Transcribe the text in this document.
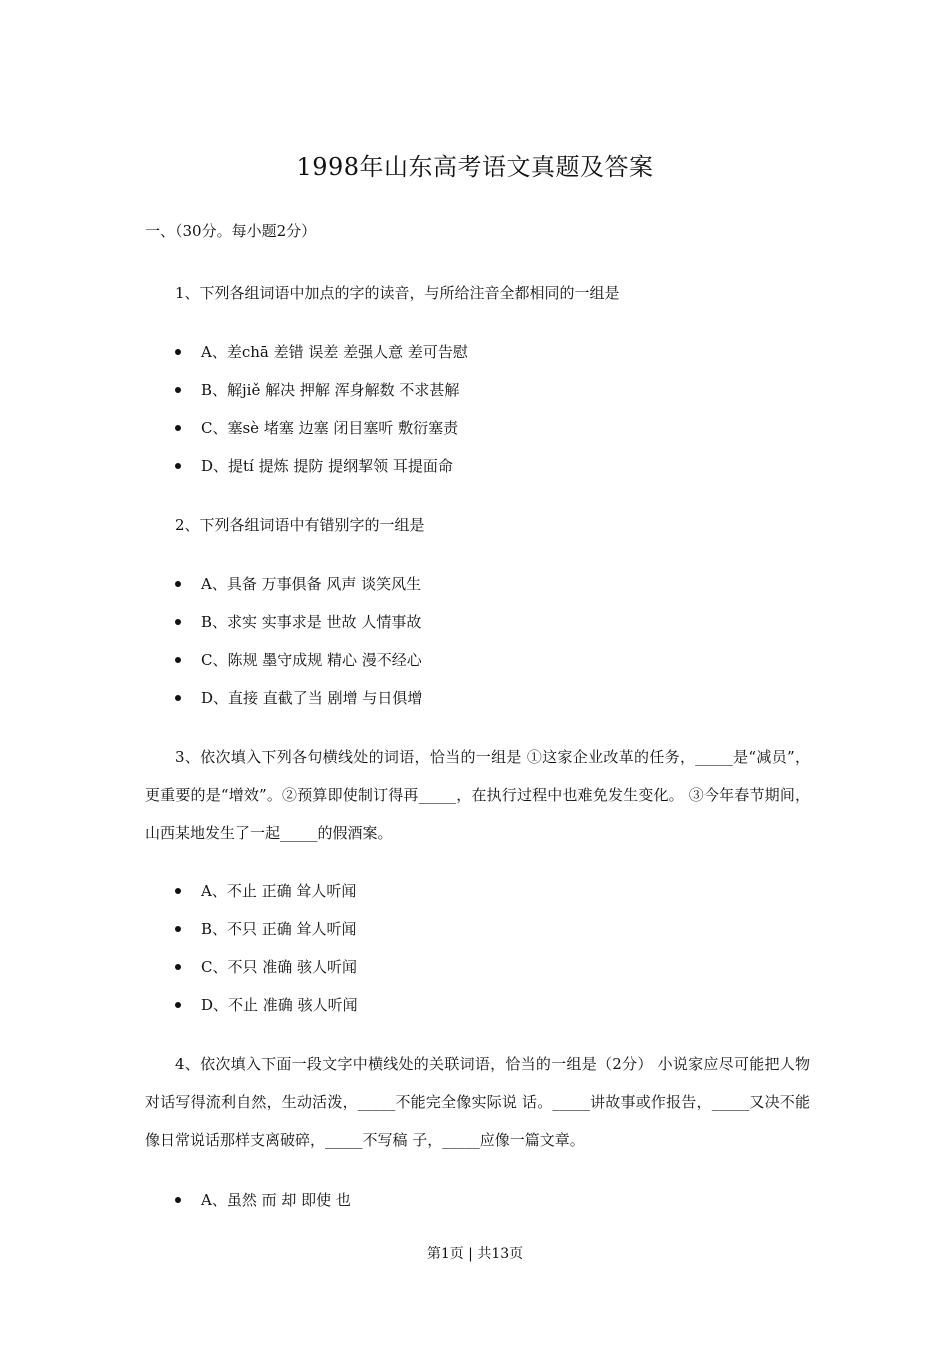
1998年山东高考语文真题及答案
一、（30分。每小题2分）
1、下列各组词语中加点的字的读音，与所给注音全都相同的一组是
A、差chā 差错 误差 差强人意 差可告慰
B、解jiě 解决 押解 浑身解数 不求甚解
C、塞sè 堵塞 边塞 闭目塞听 敷衍塞责
D、提tí 提炼 提防 提纲挈领 耳提面命
2、下列各组词语中有错别字的一组是
A、具备 万事俱备 风声 谈笑风生
B、求实 实事求是 世故 人情事故
C、陈规 墨守成规 精心 漫不经心
D、直接 直截了当 剧增 与日俱增
3、依次填入下列各句横线处的词语，恰当的一组是 ①这家企业改革的任务，_____是“减员”，更重要的是“增效”。②预算即使制订得再_____，在执行过程中也难免发生变化。 ③今年春节期间，山西某地发生了一起_____的假酒案。
A、不止 正确 耸人听闻
B、不只 正确 耸人听闻
C、不只 准确 骇人听闻
D、不止 准确 骇人听闻
4、依次填入下面一段文字中横线处的关联词语，恰当的一组是（2分） 小说家应尽可能把人物对话写得流利自然，生动活泼，_____不能完全像实际说 话。_____讲故事或作报告，_____又决不能像日常说话那样支离破碎，_____不写稿 子，_____应像一篇文章。
A、虽然 而 却 即使 也
第1页 | 共13页
